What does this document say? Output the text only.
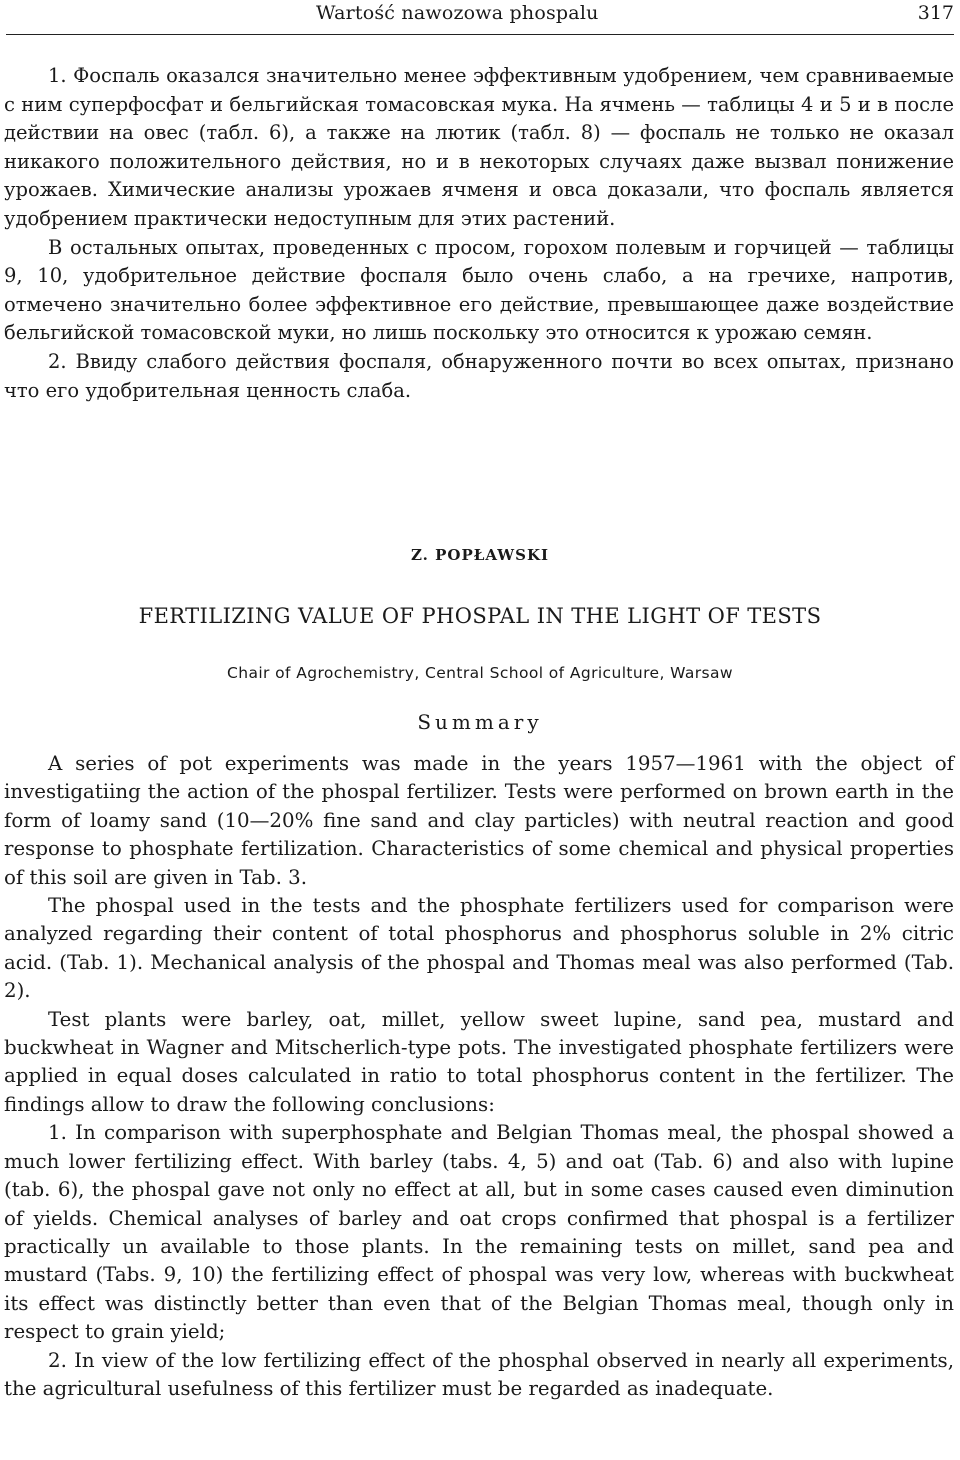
Wartość nawozowa phospalu	317

1. Фоспаль оказался значительно менее эффективным удобрением, чем сравниваемые с ним суперфосфат и бельгийская томасовская мука. На ячмень — таблицы 4 и 5 и в после действии на овес (табл. 6), а также на лютик (табл. 8) — фоспаль не только не оказал никакого положительного действия, но и в некоторых случаях даже вызвал понижение урожаев. Химические анализы урожаев ячменя и овса доказали, что фоспаль является удобрением практически недоступным для этих растений.

В остальных опытах, проведенных с просом, горохом полевым и горчицей — таблицы 9, 10, удобрительное действие фоспаля было очень слабо, а на гречихе, напротив, отмечено значительно более эффективное его действие, превышающее даже воздействие бельгийской томасовской муки, но лишь поскольку это относится к урожаю семян.

2. Ввиду слабого действия фоспаля, обнаруженного почти во всех опытах, признано что его удобрительная ценность слаба.

Z. POPŁAWSKI
FERTILIZING VALUE OF PHOSPAL IN THE LIGHT OF TESTS
Chair of Agrochemistry, Central School of Agriculture, Warsaw
Summary

A series of pot experiments was made in the years 1957—1961 with the object of investigatiing the action of the phospal fertilizer. Tests were performed on brown earth in the form of loamy sand (10—20% fine sand and clay particles) with neutral reaction and good response to phosphate fertilization. Characteristics of some chemical and physical properties of this soil are given in Tab. 3.

The phospal used in the tests and the phosphate fertilizers used for comparison were analyzed regarding their content of total phosphorus and phosphorus soluble in 2% citric acid. (Tab. 1). Mechanical analysis of the phospal and Thomas meal was also performed (Tab. 2).

Test plants were barley, oat, millet, yellow sweet lupine, sand pea, mustard and buckwheat in Wagner and Mitscherlich-type pots. The investigated phosphate fertilizers were applied in equal doses calculated in ratio to total phosphorus content in the fertilizer. The findings allow to draw the following conclusions:

1. In comparison with superphosphate and Belgian Thomas meal, the phospal showed a much lower fertilizing effect. With barley (tabs. 4, 5) and oat (Tab. 6) and also with lupine (tab. 6), the phospal gave not only no effect at all, but in some cases caused even diminution of yields. Chemical analyses of barley and oat crops confirmed that phospal is a fertilizer practically un available to those plants. In the remaining tests on millet, sand pea and mustard (Tabs. 9, 10) the fertilizing effect of phospal was very low, whereas with buckwheat its effect was distinctly better than even that of the Belgian Thomas meal, though only in respect to grain yield;

2. In view of the low fertilizing effect of the phosphal observed in nearly all experiments, the agricultural usefulness of this fertilizer must be regarded as inadequate.
